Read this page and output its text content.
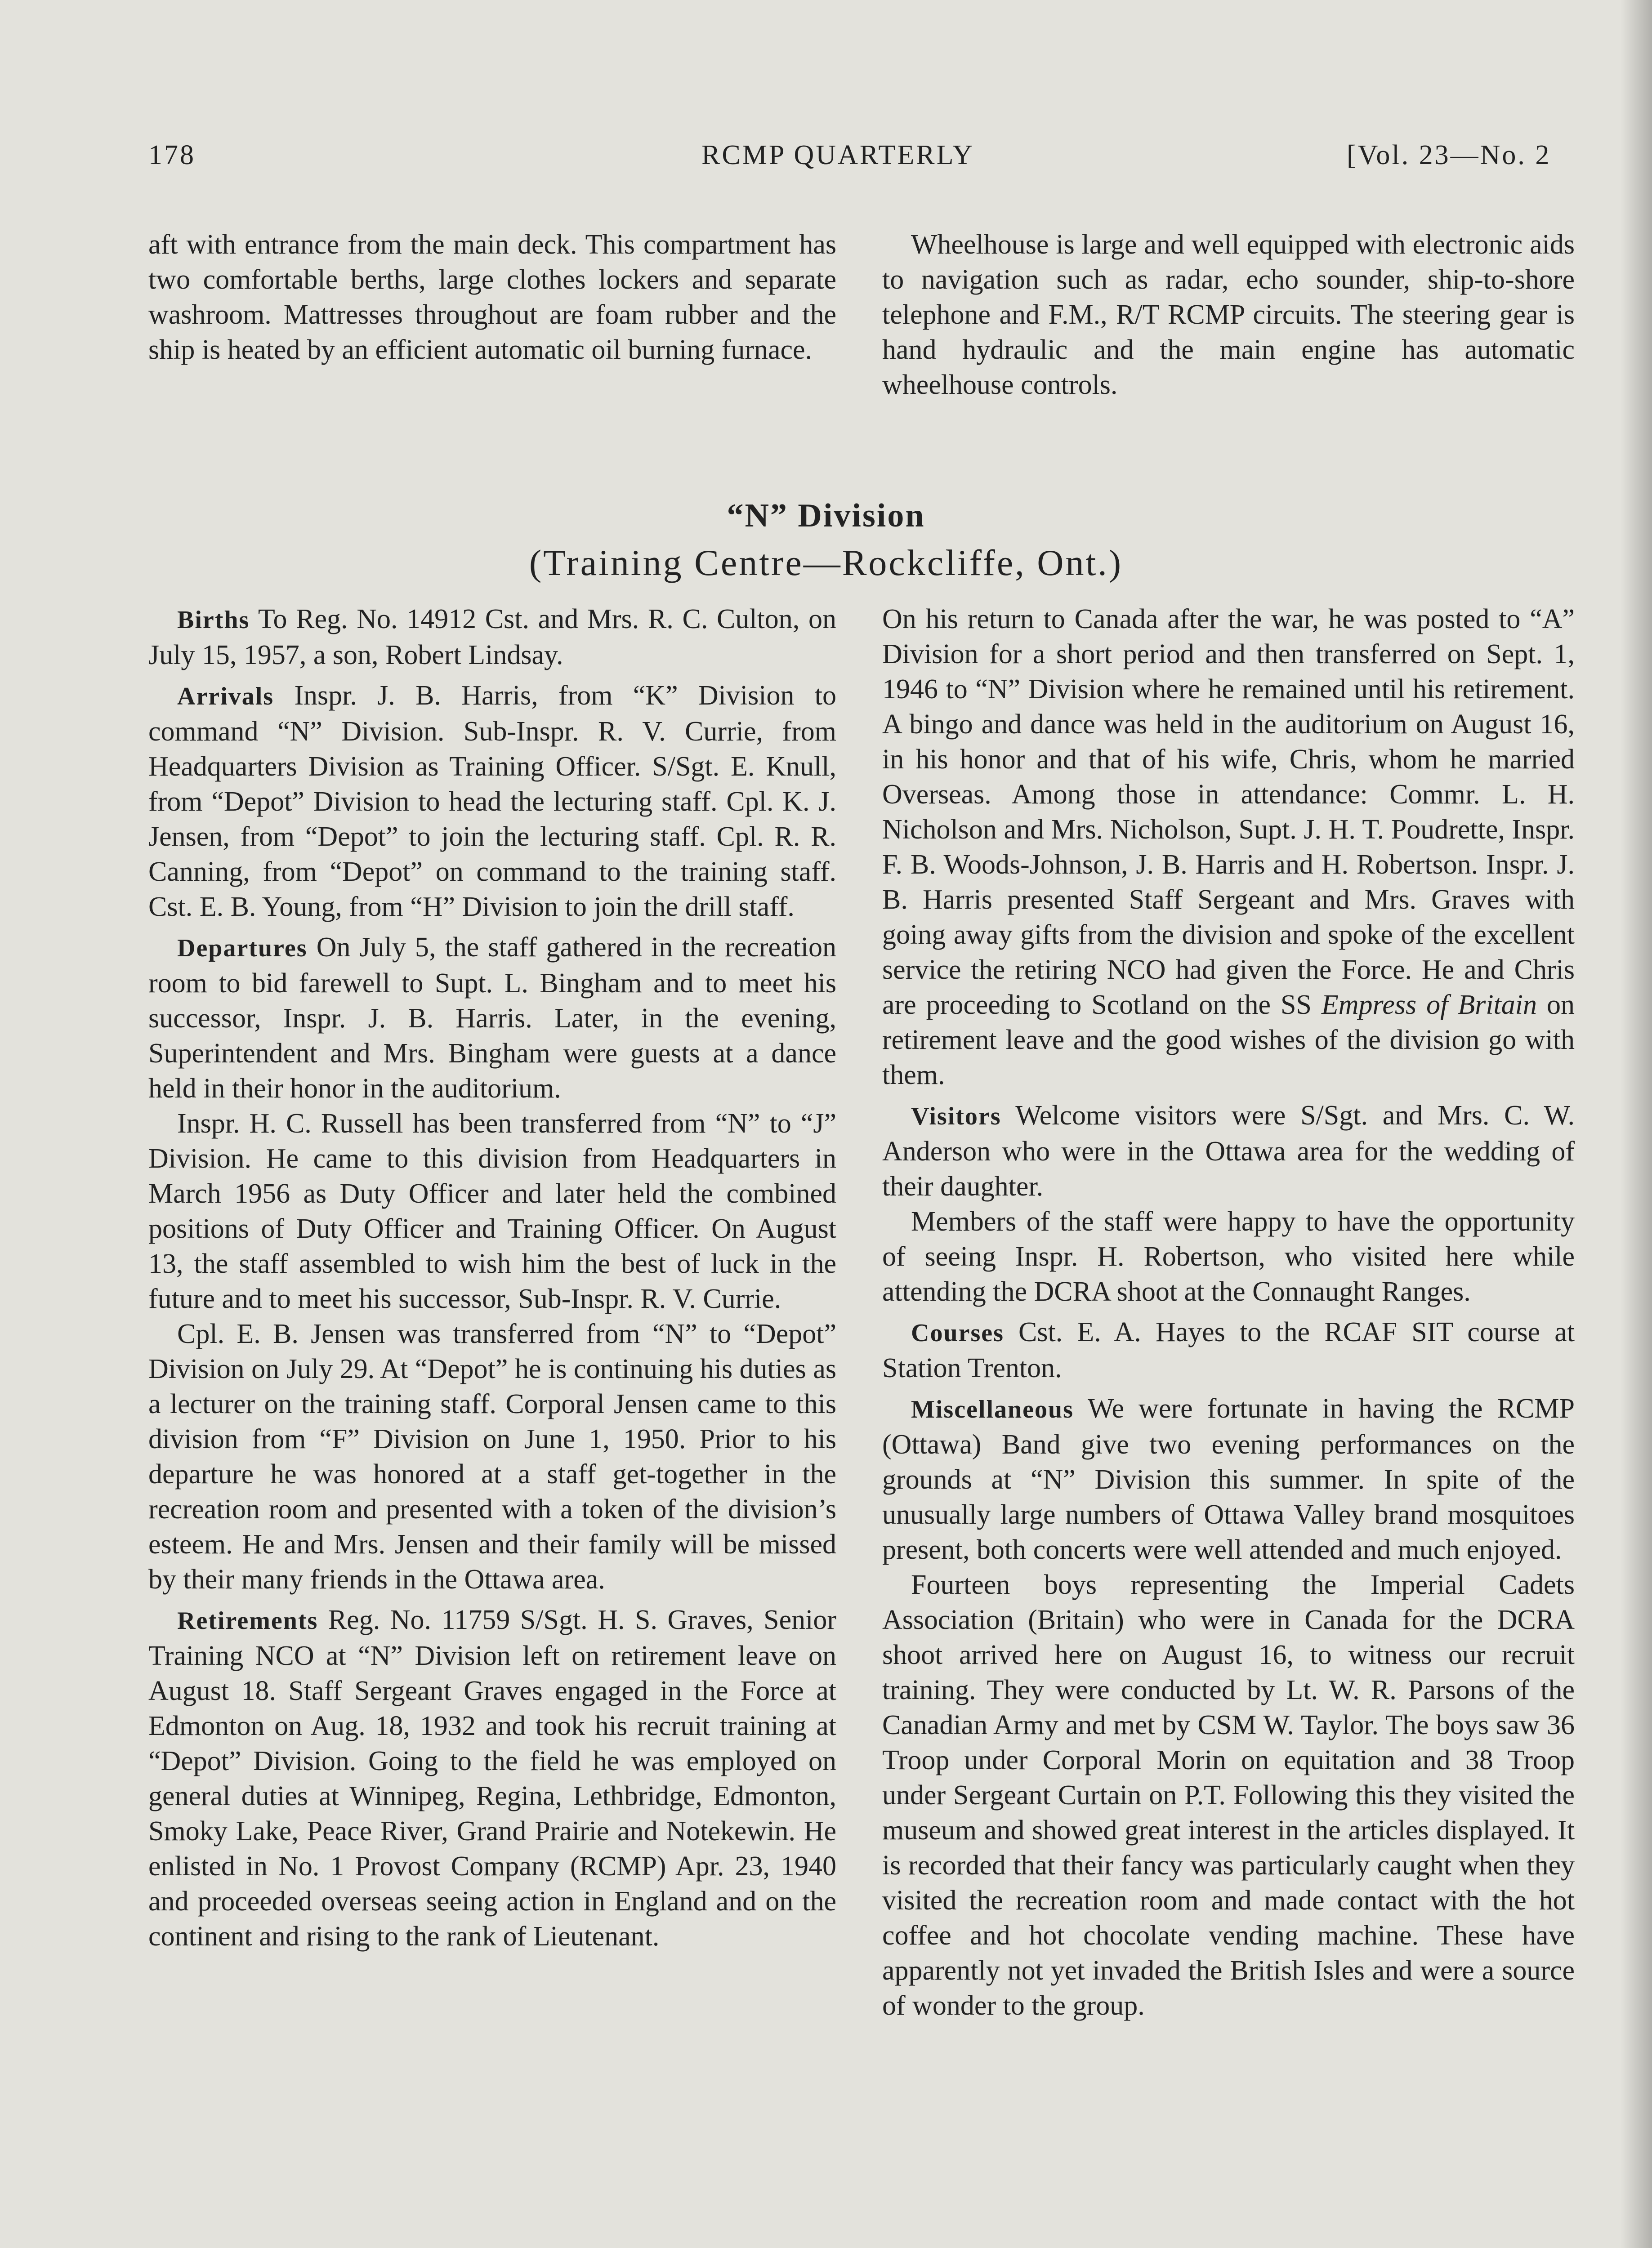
178	RCMP QUARTERLY	[Vol. 23—No. 2

aft with entrance from the main deck. This compartment has two comfortable berths, large clothes lockers and separate washroom. Mattresses throughout are foam rubber and the ship is heated by an efficient automatic oil burning furnace.

Wheelhouse is large and well equipped with electronic aids to navigation such as radar, echo sounder, ship-to-shore telephone and F.M., R/T RCMP circuits. The steering gear is hand hydraulic and the main engine has automatic wheelhouse controls.

“N” Division
(Training Centre—Rockcliffe, Ont.)

Births To Reg. No. 14912 Cst. and Mrs. R. C. Culton, on July 15, 1957, a son, Robert Lindsay.

Arrivals Inspr. J. B. Harris, from “K” Division to command “N” Division. Sub-Inspr. R. V. Currie, from Headquarters Division as Training Officer. S/Sgt. E. Knull, from “Depot” Division to head the lecturing staff. Cpl. K. J. Jensen, from “Depot” to join the lecturing staff. Cpl. R. R. Canning, from “Depot” on command to the training staff. Cst. E. B. Young, from “H” Division to join the drill staff.

Departures On July 5, the staff gathered in the recreation room to bid farewell to Supt. L. Bingham and to meet his successor, Inspr. J. B. Harris. Later, in the evening, Superintendent and Mrs. Bingham were guests at a dance held in their honor in the auditorium.

Inspr. H. C. Russell has been transferred from “N” to “J” Division. He came to this division from Headquarters in March 1956 as Duty Officer and later held the combined positions of Duty Officer and Training Officer. On August 13, the staff assembled to wish him the best of luck in the future and to meet his successor, Sub-Inspr. R. V. Currie.

Cpl. E. B. Jensen was transferred from “N” to “Depot” Division on July 29. At “Depot” he is continuing his duties as a lecturer on the training staff. Corporal Jensen came to this division from “F” Division on June 1, 1950. Prior to his departure he was honored at a staff get-together in the recreation room and presented with a token of the division’s esteem. He and Mrs. Jensen and their family will be missed by their many friends in the Ottawa area.

Retirements Reg. No. 11759 S/Sgt. H. S. Graves, Senior Training NCO at “N” Division left on retirement leave on August 18. Staff Sergeant Graves engaged in the Force at Edmonton on Aug. 18, 1932 and took his recruit training at “Depot” Division. Going to the field he was employed on general duties at Winnipeg, Regina, Lethbridge, Edmonton, Smoky Lake, Peace River, Grand Prairie and Notekewin. He enlisted in No. 1 Provost Company (RCMP) Apr. 23, 1940 and proceeded overseas seeing action in England and on the continent and rising to the rank of Lieutenant.

On his return to Canada after the war, he was posted to “A” Division for a short period and then transferred on Sept. 1, 1946 to “N” Division where he remained until his retirement. A bingo and dance was held in the auditorium on August 16, in his honor and that of his wife, Chris, whom he married Overseas. Among those in attendance: Commr. L. H. Nicholson and Mrs. Nicholson, Supt. J. H. T. Poudrette, Inspr. F. B. Woods-Johnson, J. B. Harris and H. Robertson. Inspr. J. B. Harris presented Staff Sergeant and Mrs. Graves with going away gifts from the division and spoke of the excellent service the retiring NCO had given the Force. He and Chris are proceeding to Scotland on the SS Empress of Britain on retirement leave and the good wishes of the division go with them.

Visitors Welcome visitors were S/Sgt. and Mrs. C. W. Anderson who were in the Ottawa area for the wedding of their daughter.

Members of the staff were happy to have the opportunity of seeing Inspr. H. Robertson, who visited here while attending the DCRA shoot at the Connaught Ranges.

Courses Cst. E. A. Hayes to the RCAF SIT course at Station Trenton.

Miscellaneous We were fortunate in having the RCMP (Ottawa) Band give two evening performances on the grounds at “N” Division this summer. In spite of the unusually large numbers of Ottawa Valley brand mosquitoes present, both concerts were well attended and much enjoyed.

Fourteen boys representing the Imperial Cadets Association (Britain) who were in Canada for the DCRA shoot arrived here on August 16, to witness our recruit training. They were conducted by Lt. W. R. Parsons of the Canadian Army and met by CSM W. Taylor. The boys saw 36 Troop under Corporal Morin on equitation and 38 Troop under Sergeant Curtain on P.T. Following this they visited the museum and showed great interest in the articles displayed. It is recorded that their fancy was particularly caught when they visited the recreation room and made contact with the hot coffee and hot chocolate vending machine. These have apparently not yet invaded the British Isles and were a source of wonder to the group.
